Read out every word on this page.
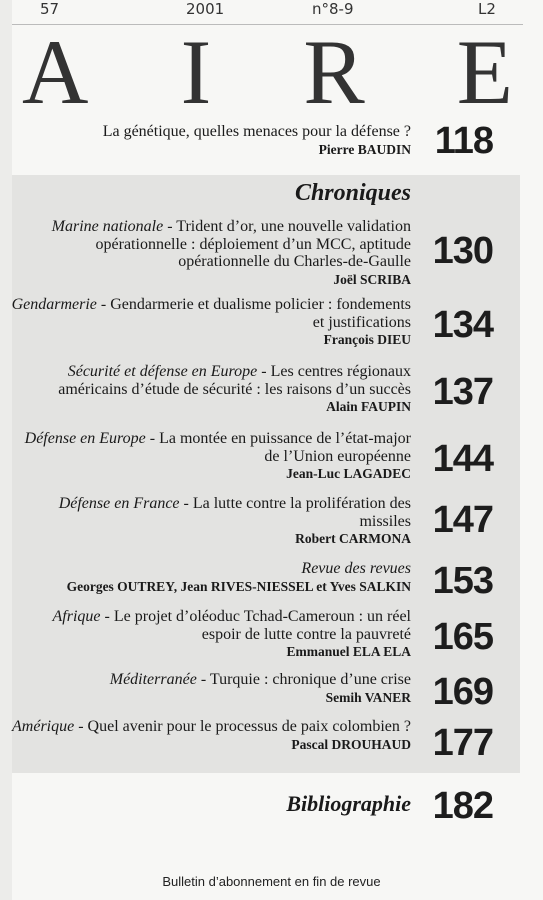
57	2001	n°8-9	L2
A I R E
La génétique, quelles menaces pour la défense ?
Pierre BAUDIN 118
Chroniques
Marine nationale - Trident d’or, une nouvelle validation opérationnelle : déploiement d’un MCC, aptitude opérationnelle du Charles-de-Gaulle
Joël SCRIBA
130
Gendarmerie - Gendarmerie et dualisme policier : fondements et justifications
François DIEU 134
Sécurité et défense en Europe - Les centres régionaux américains d’étude de sécurité : les raisons d’un succès
Alain FAUPIN 137
Défense en Europe - La montée en puissance de l’état-major de l’Union européenne
Jean-Luc LAGADEC 144
Défense en France - La lutte contre la prolifération des missiles
Robert CARMONA 147
Revue des revues
Georges OUTREY, Jean RIVES-NIESSEL et Yves SALKIN 153
Afrique - Le projet d’oléoduc Tchad-Cameroun : un réel espoir de lutte contre la pauvreté
Emmanuel ELA ELA 165
Méditerranée - Turquie : chronique d’une crise
Semih VANER 169
Amérique - Quel avenir pour le processus de paix colombien ?
Pascal DROUHAUD 177
Bibliographie 182
Bulletin d’abonnement en fin de revue
